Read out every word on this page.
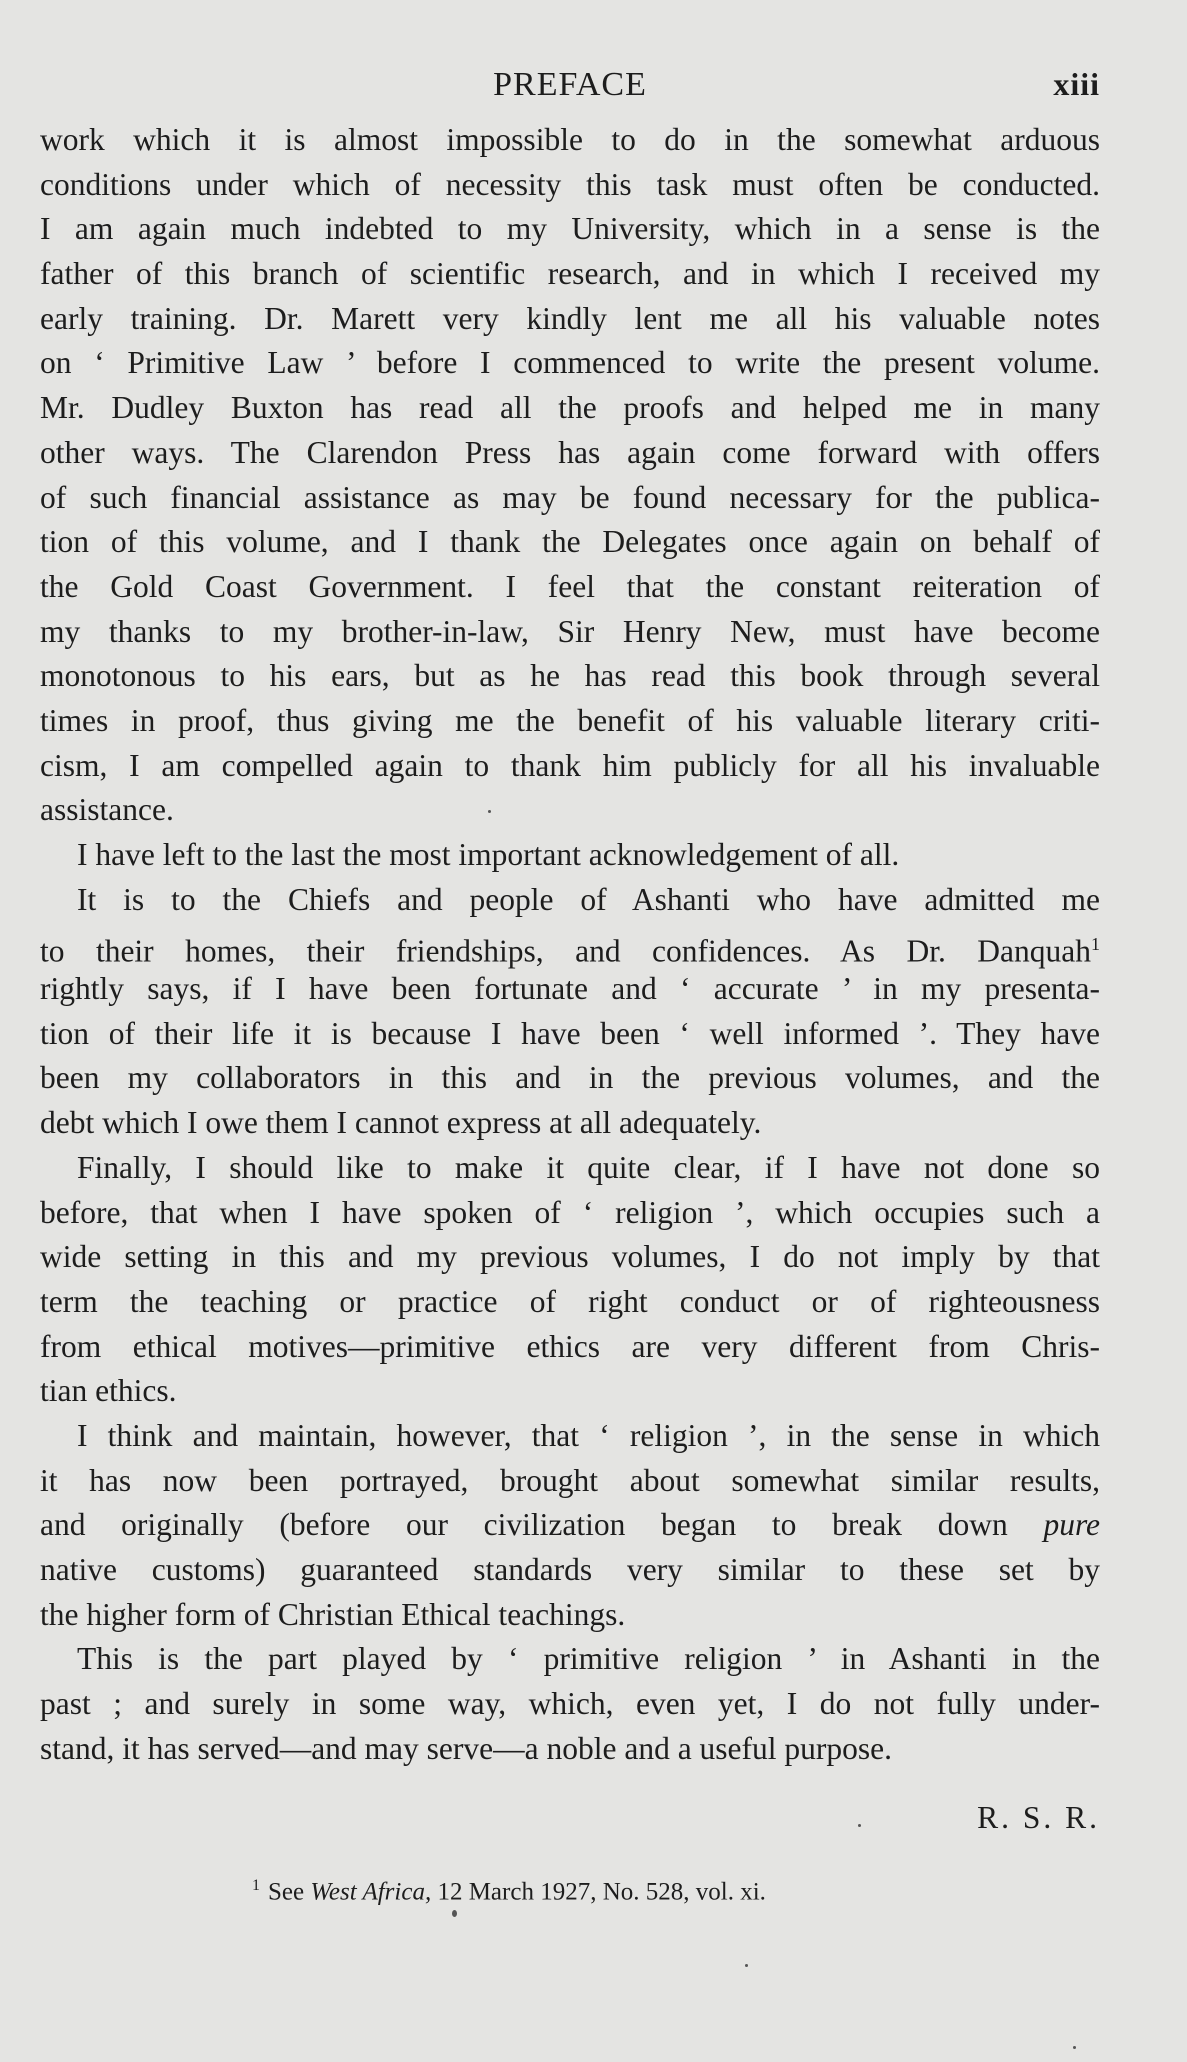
PREFACE	xiii
work which it is almost impossible to do in the somewhat arduous
conditions under which of necessity this task must often be conducted.
I am again much indebted to my University, which in a sense is the
father of this branch of scientific research, and in which I received my
early training. Dr. Marett very kindly lent me all his valuable notes
on ‘ Primitive Law ’ before I commenced to write the present volume.
Mr. Dudley Buxton has read all the proofs and helped me in many
other ways. The Clarendon Press has again come forward with offers
of such financial assistance as may be found necessary for the publica-
tion of this volume, and I thank the Delegates once again on behalf of
the Gold Coast Government. I feel that the constant reiteration of
my thanks to my brother-in-law, Sir Henry New, must have become
monotonous to his ears, but as he has read this book through several
times in proof, thus giving me the benefit of his valuable literary criti-
cism, I am compelled again to thank him publicly for all his invaluable
assistance.
I have left to the last the most important acknowledgement of all.
It is to the Chiefs and people of Ashanti who have admitted me
to their homes, their friendships, and confidences. As Dr. Danquah$^1$
rightly says, if I have been fortunate and ‘ accurate ’ in my presenta-
tion of their life it is because I have been ‘ well informed ’. They have
been my collaborators in this and in the previous volumes, and the
debt which I owe them I cannot express at all adequately.
Finally, I should like to make it quite clear, if I have not done so
before, that when I have spoken of ‘ religion ’, which occupies such a
wide setting in this and my previous volumes, I do not imply by that
term the teaching or practice of right conduct or of righteousness
from ethical motives—primitive ethics are very different from Chris-
tian ethics.
I think and maintain, however, that ‘ religion ’, in the sense in which
it has now been portrayed, brought about somewhat similar results,
and originally (before our civilization began to break down pure
native customs) guaranteed standards very similar to these set by
the higher form of Christian Ethical teachings.
This is the part played by ‘ primitive religion ’ in Ashanti in the
past ; and surely in some way, which, even yet, I do not fully under-
stand, it has served—and may serve—a noble and a useful purpose.
R. S. R.
$^1$ See West Africa, 12 March 1927, No. 528, vol. xi.
